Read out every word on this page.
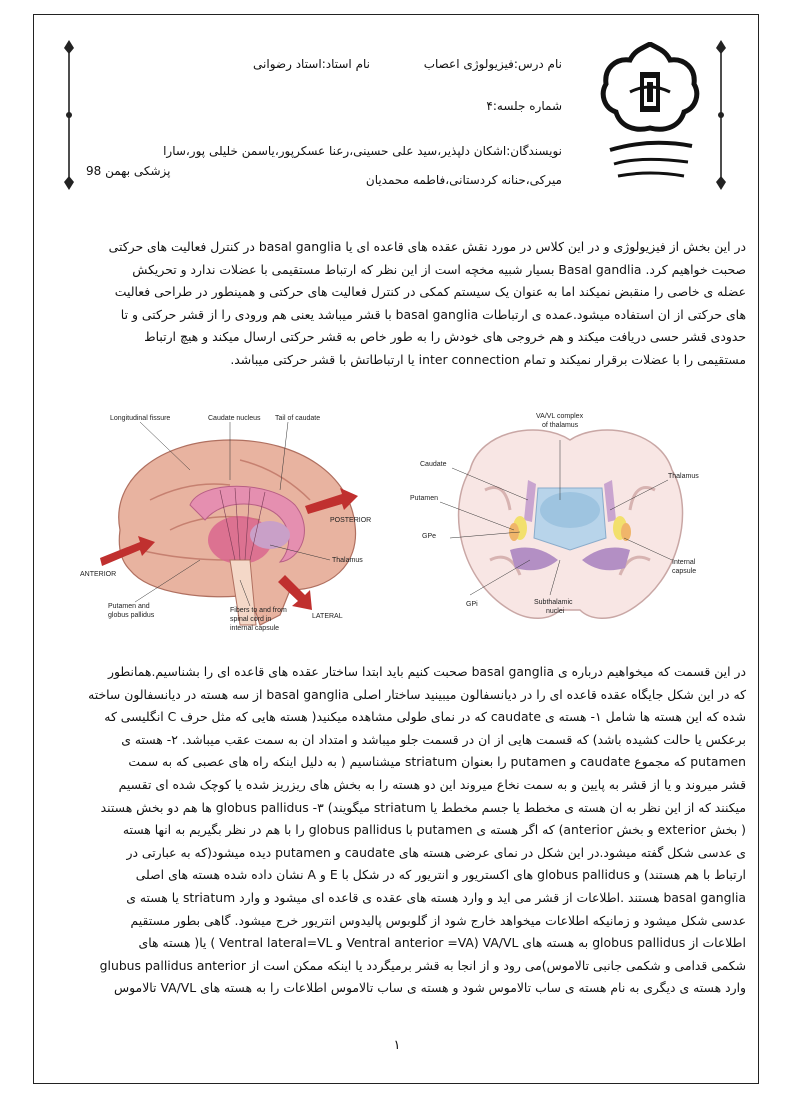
نام درس:فیزیولوژی اعصاب
نام استاد:استاد رضوانی
شماره جلسه:۴
نویسندگان:اشکان دلپذیر،سید علی حسینی،رعنا عسکرپور،یاسمن خلیلی پور،سارا
میرکی،حنانه کردستانی،فاطمه محمدیان
پزشکی بهمن 98
در این بخش از فیزیولوژی و در این کلاس در مورد نقش عقده های قاعده ای یا basal ganglia در کنترل فعالیت های حرکتی
صحبت خواهیم کرد. Basal gandlia بسیار شبیه مخچه است از این نظر که ارتباط مستقیمی با عضلات ندارد و تحریکش
عضله ی خاصی را منقبض نمیکند اما به عنوان یک سیستم کمکی در کنترل فعالیت های حرکتی و همینطور در طراحی فعالیت
های حرکتی از ان استفاده میشود.عمده ی ارتباطات basal ganglia با قشر میباشد یعنی هم ورودی را از قشر حرکتی و تا
حدودی قشر حسی دریافت میکند و هم خروجی های خودش را به طور خاص به قشر حرکتی ارسال میکند و هیچ ارتباط
مستقیمی را با عضلات برقرار نمیکند و تمام inter connection یا ارتباطاتش با قشر حرکتی میباشد.
Longitudinal fissure	Caudate nucleus Tail of caudate
POSTERIOR
ANTERIOR
Thalamus
LATERAL
Putamen and
globus pallidus
Fibers to and from
spinal cord in
internal capsule
VA/VL complex
of thalamus
Caudate
Thalamus
Putamen
GPe
Internal
capsule
GPi	Subthalamic
nuclei
در این قسمت که میخواهیم درباره ی basal ganglia صحبت کنیم باید ابتدا ساختار عقده های قاعده ای را بشناسیم.همانطور
که در این شکل جایگاه عقده قاعده ای را در دیانسفالون میبینید ساختار اصلی basal ganglia از سه هسته در دیانسفالون ساخته
شده که این هسته ها شامل ۱- هسته ی caudate که در نمای طولی مشاهده میکنید( هسته هایی که مثل حرف C انگلیسی که
برعکس یا حالت کشیده باشد) که قسمت هایی از ان در قسمت جلو میباشد و امتداد ان به سمت عقب میباشد. ۲- هسته ی
putamen که مجموع caudate و putamen را بعنوان striatum میشناسیم ( به دلیل اینکه راه های عصبی که به سمت
قشر میروند و یا از قشر به پایین و به سمت نخاع میروند این دو هسته را به بخش های ریزریز شده یا کوچک شده ای تقسیم
میکنند که از این نظر به ان هسته ی مخطط یا جسم مخطط یا striatum میگویند) ۳- globus pallidus ها هم دو بخش هستند
( بخش exterior و بخش anterior) که اگر هسته ی putamen با globus pallidus را با هم در نظر بگیریم به انها هسته
ی عدسی شکل گفته میشود.در این شکل در نمای عرضی هسته های caudate و putamen دیده میشود(که به عبارتی در
ارتباط با هم هستند) و globus pallidus های اکستریور و انتریور که در شکل با E و A نشان داده شده هسته های اصلی
basal ganglia هستند .اطلاعات از قشر می اید و وارد هسته های عقده ی قاعده ای میشود و وارد striatum یا هسته ی
عدسی شکل میشود و زمانیکه اطلاعات میخواهد خارج شود از گلوبوس پالیدوس انتریور خرج میشود. گاهی بطور مستقیم
اطلاعات از globus pallidus به هسته های Ventral anterior =VA) VA/VL و Ventral lateral=VL ) یا( هسته های
شکمی قدامی و شکمی جانبی تالاموس)می رود و از انجا به قشر برمیگردد یا اینکه ممکن است از glubus pallidus anterior
وارد هسته ی دیگری به نام هسته ی ساب تالاموس شود و هسته ی ساب تالاموس اطلاعات را به هسته های VA/VL تالاموس
۱
